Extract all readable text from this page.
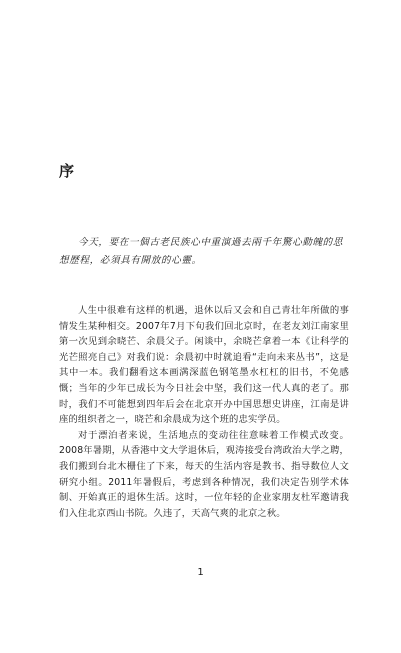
序

今天，要在一個古老民族心中重演過去兩千年驚心動魄的思想歷程，必須具有開放的心靈。

人生中很难有这样的机遇，退休以后又会和自己青壮年所做的事情发生某种相交。2007年7月下旬我们回北京时，在老友刘江南家里第一次见到余晓芒、余晨父子。闲谈中，余晓芒拿着一本《让科学的光芒照亮自己》对我们说：余晨初中时就追看“走向未来丛书”，这是其中一本。我们翻看这本画满深蓝色钢笔墨水杠杠的旧书，不免感慨；当年的少年已成长为今日社会中坚，我们这一代人真的老了。那时，我们不可能想到四年后会在北京开办中国思想史讲座，江南是讲座的组织者之一，晓芒和余晨成为这个班的忠实学员。

对于漂泊者来说，生活地点的变动往往意味着工作模式改变。2008年暑期，从香港中文大学退休后，观涛接受台湾政治大学之聘，我们搬到台北木栅住了下来，每天的生活内容是教书、指导数位人文研究小组。2011年暑假后，考虑到各种情况，我们决定告别学术体制、开始真正的退休生活。这时，一位年轻的企业家朋友杜军邀请我们入住北京西山书院。久违了，天高气爽的北京之秋。

1
